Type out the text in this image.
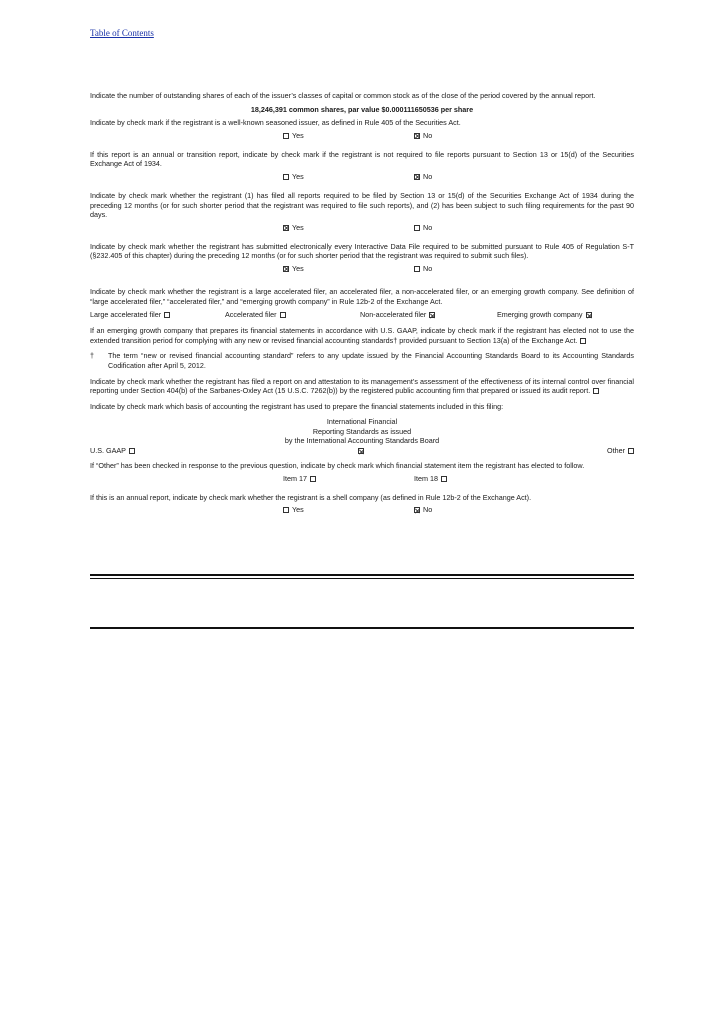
Table of Contents

Indicate the number of outstanding shares of each of the issuer’s classes of capital or common stock as of the close of the period covered by the annual report.

18,246,391 common shares, par value $0.000111650536 per share

Indicate by check mark if the registrant is a well-known seasoned issuer, as defined in Rule 405 of the Securities Act.

Yes	No

If this report is an annual or transition report, indicate by check mark if the registrant is not required to file reports pursuant to Section 13 or 15(d) of the Securities Exchange Act of 1934.

Yes	No

Indicate by check mark whether the registrant (1) has filed all reports required to be filed by Section 13 or 15(d) of the Securities Exchange Act of 1934 during the preceding 12 months (or for such shorter period that the registrant was required to file such reports), and (2) has been subject to such filing requirements for the past 90 days.

Yes	No

Indicate by check mark whether the registrant has submitted electronically every Interactive Data File required to be submitted pursuant to Rule 405 of Regulation S-T (§232.405 of this chapter) during the preceding 12 months (or for such shorter period that the registrant was required to submit such files).

Yes	No

Indicate by check mark whether the registrant is a large accelerated filer, an accelerated filer, a non-accelerated filer, or an emerging growth company. See definition of “large accelerated filer,” “accelerated filer,” and “emerging growth company” in Rule 12b-2 of the Exchange Act.

Large accelerated filer	Accelerated filer	Non-accelerated filer	Emerging growth company

If an emerging growth company that prepares its financial statements in accordance with U.S. GAAP, indicate by check mark if the registrant has elected not to use the extended transition period for complying with any new or revised financial accounting standards† provided pursuant to Section 13(a) of the Exchange Act.

† The term “new or revised financial accounting standard” refers to any update issued by the Financial Accounting Standards Board to its Accounting Standards Codification after April 5, 2012.

Indicate by check mark whether the registrant has filed a report on and attestation to its management’s assessment of the effectiveness of its internal control over financial reporting under Section 404(b) of the Sarbanes-Oxley Act (15 U.S.C. 7262(b)) by the registered public accounting firm that prepared or issued its audit report.

Indicate by check mark which basis of accounting the registrant has used to prepare the financial statements included in this filing:

International Financial
Reporting Standards as issued
by the International Accounting Standards Board
U.S. GAAP	Other

If “Other” has been checked in response to the previous question, indicate by check mark which financial statement item the registrant has elected to follow.

Item 17	Item 18

If this is an annual report, indicate by check mark whether the registrant is a shell company (as defined in Rule 12b-2 of the Exchange Act).

Yes	No
